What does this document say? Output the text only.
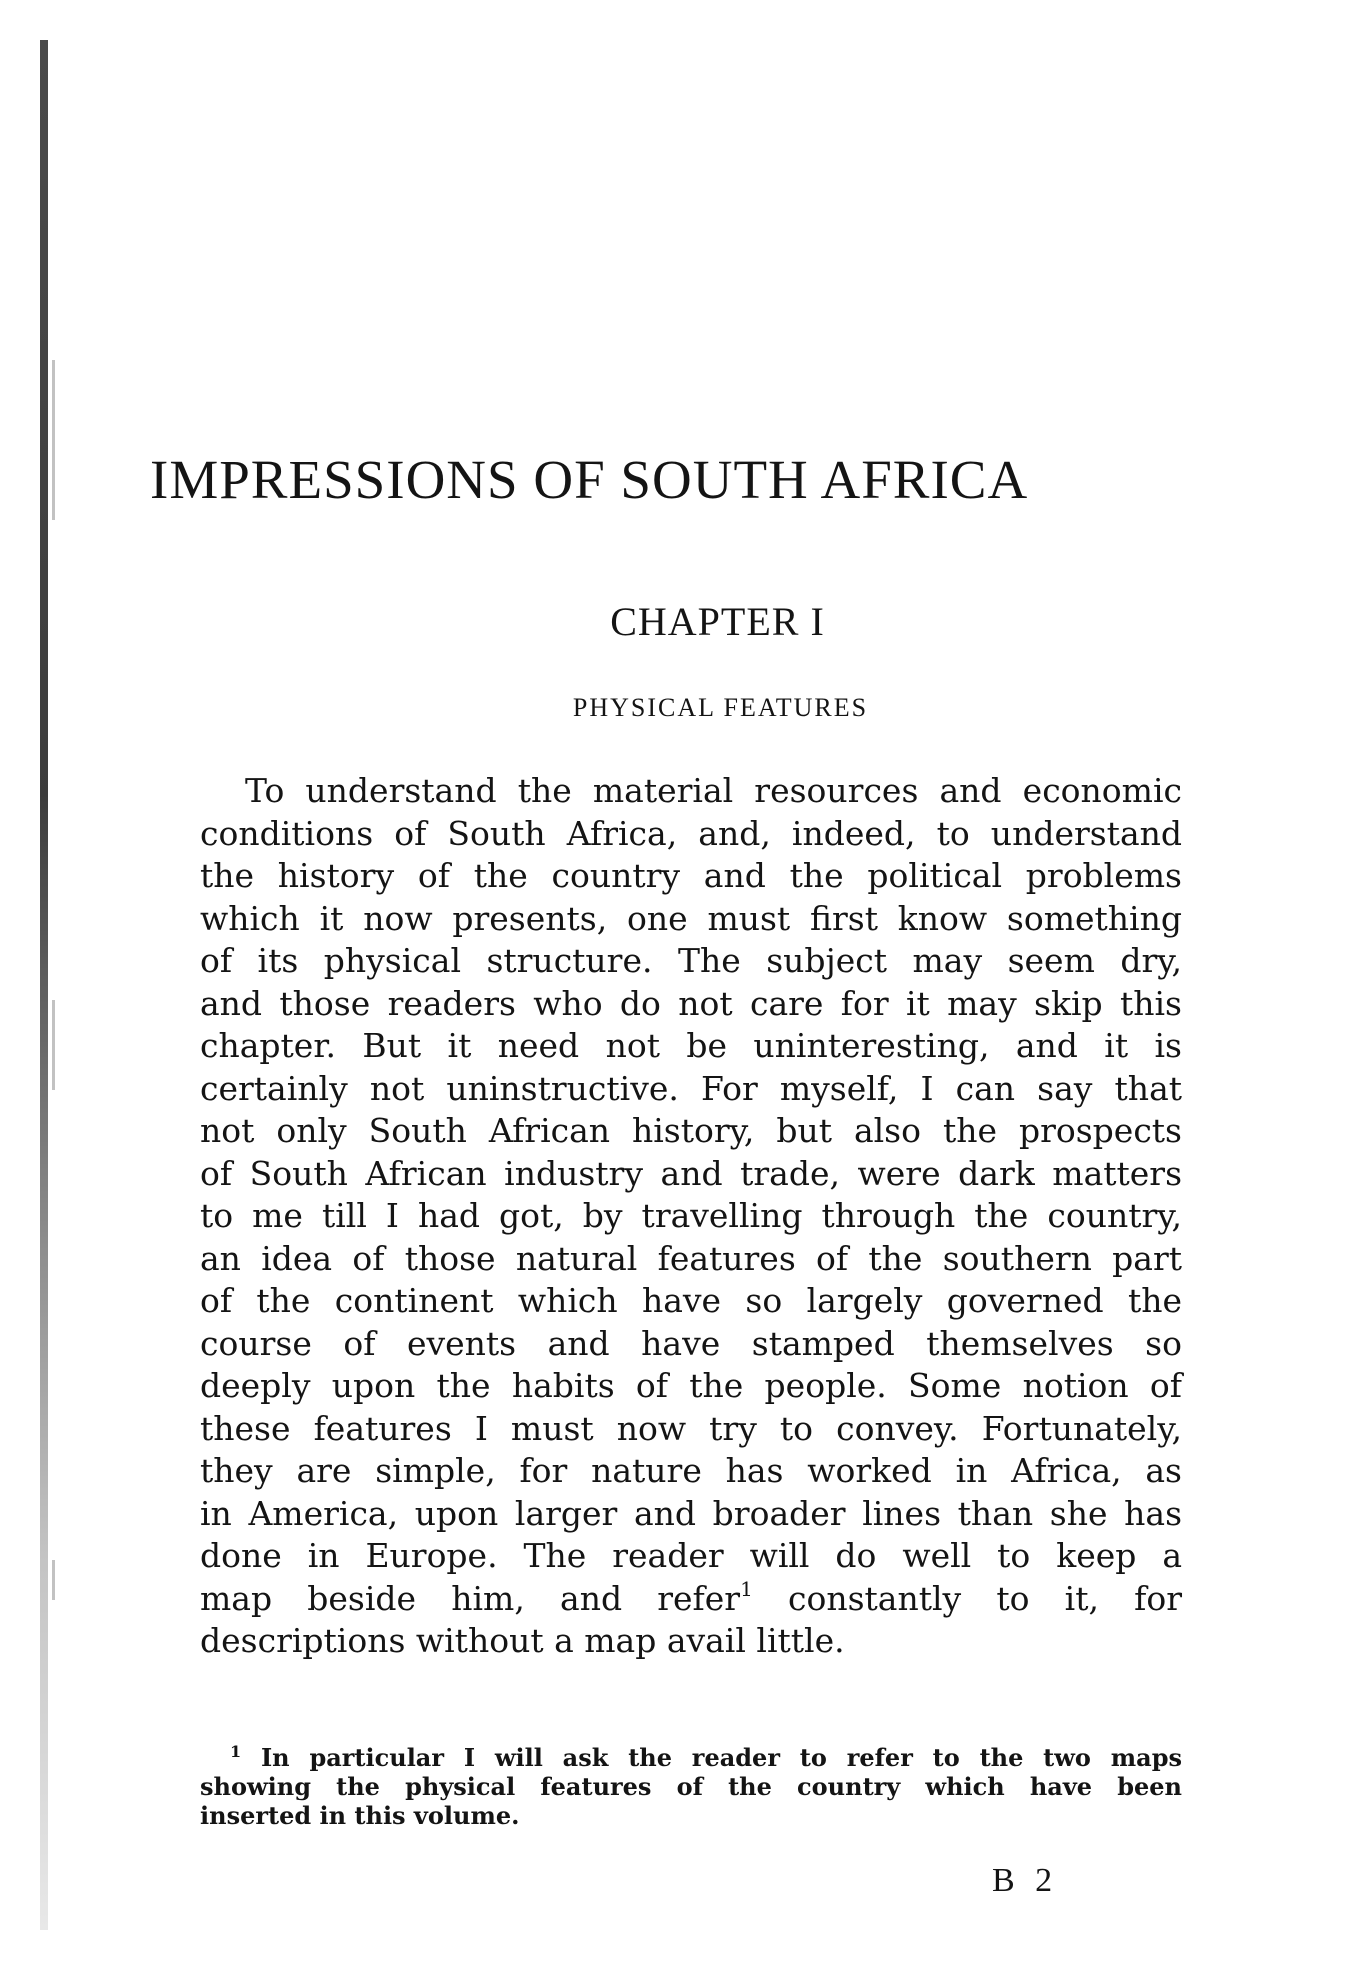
IMPRESSIONS OF SOUTH AFRICA
CHAPTER I
PHYSICAL FEATURES
To understand the material resources and economic
conditions of South Africa, and, indeed, to understand
the history of the country and the political problems
which it now presents, one must first know something
of its physical structure. The subject may seem dry,
and those readers who do not care for it may skip this
chapter. But it need not be uninteresting, and it is
certainly not uninstructive. For myself, I can say that
not only South African history, but also the prospects
of South African industry and trade, were dark matters
to me till I had got, by travelling through the country,
an idea of those natural features of the southern part
of the continent which have so largely governed the
course of events and have stamped themselves so
deeply upon the habits of the people. Some notion of
these features I must now try to convey. Fortunately,
they are simple, for nature has worked in Africa, as
in America, upon larger and broader lines than she has
done in Europe. The reader will do well to keep a
map beside him, and refer$^1$ constantly to it, for
descriptions without a map avail little.
$^1$ In particular I will ask the reader to refer to the two maps
showing the physical features of the country which have been
inserted in this volume.
B 2
